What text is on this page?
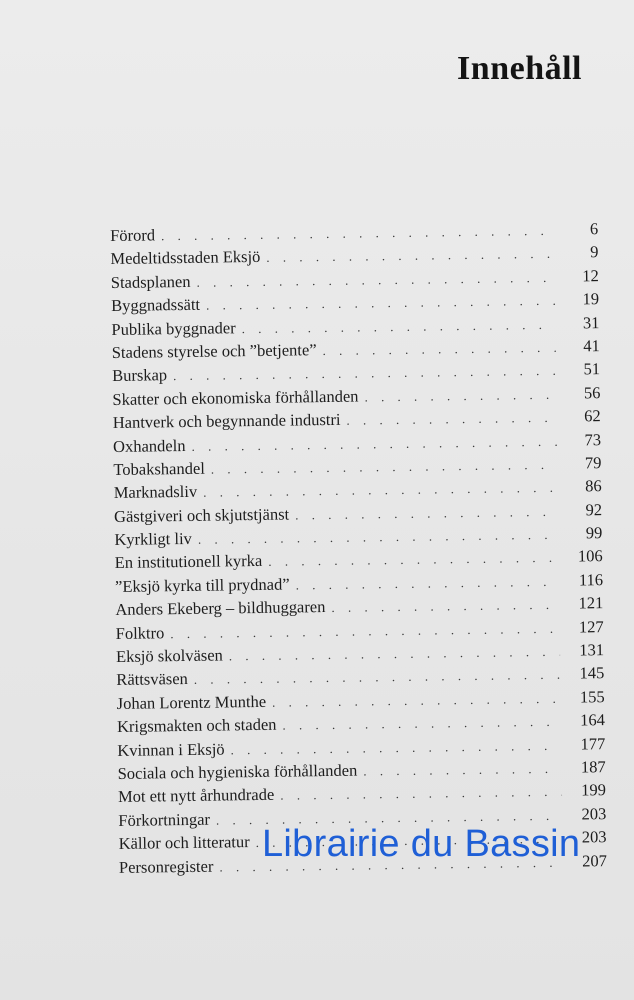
Innehåll
Förord . . .	6
Medeltidsstaden Eksjö . . .	9
Stadsplanen . . .	12
Byggnadssätt . . .	19
Publika byggnader . . .	31
Stadens styrelse och ”betjente” . . .	41
Burskap . . .	51
Skatter och ekonomiska förhållanden . . .	56
Hantverk och begynnande industri . . .	62
Oxhandeln . . .	73
Tobakshandel . . .	79
Marknadsliv . . .	86
Gästgiveri och skjutstjänst . . .	92
Kyrkligt liv . . .	99
En institutionell kyrka . . .	106
”Eksjö kyrka till prydnad” . . .	116
Anders Ekeberg – bildhuggaren . . .	121
Folktro . . .	127
Eksjö skolväsen . . .	131
Rättsväsen . . .	145
Johan Lorentz Munthe . . .	155
Krigsmakten och staden . . .	164
Kvinnan i Eksjö . . .	177
Sociala och hygieniska förhållanden . . .	187
Mot ett nytt århundrade . . .	199
Förkortningar . . .	203
Källor och litteratur . . .	203
Personregister . . .	207
Librairie du Bassin
